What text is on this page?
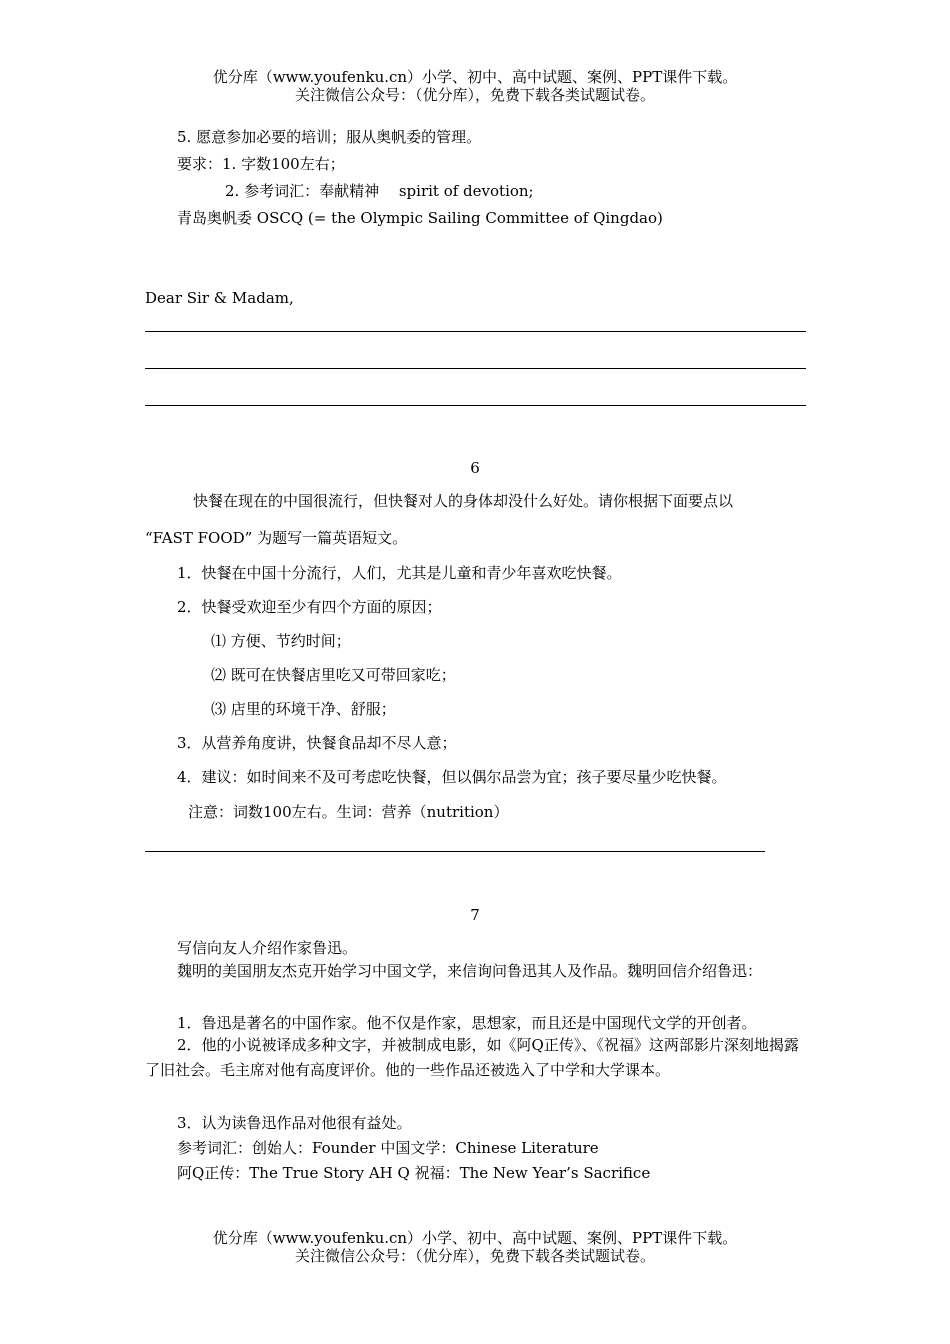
优分库（www.youfenku.cn）小学、初中、高中试题、案例、PPT课件下载。
关注微信公众号：（优分库），免费下载各类试题试卷。
5. 愿意参加必要的培训；服从奥帆委的管理。
要求：1. 字数100左右；
2. 参考词汇：奉献精神　 spirit of devotion;
青岛奥帆委 OSCQ (= the Olympic Sailing Committee of Qingdao)
Dear Sir & Madam,
6
快餐在现在的中国很流行，但快餐对人的身体却没什么好处。请你根据下面要点以
“FAST FOOD” 为题写一篇英语短文。
1．快餐在中国十分流行，人们，尤其是儿童和青少年喜欢吃快餐。
2．快餐受欢迎至少有四个方面的原因；
⑴ 方便、节约时间；
⑵ 既可在快餐店里吃又可带回家吃；
⑶ 店里的环境干净、舒服；
3．从营养角度讲，快餐食品却不尽人意；
4．建议：如时间来不及可考虑吃快餐，但以偶尔品尝为宜；孩子要尽量少吃快餐。
注意：词数100左右。生词：营养（nutrition）
7
写信向友人介绍作家鲁迅。
魏明的美国朋友杰克开始学习中国文学，来信询问鲁迅其人及作品。魏明回信介绍鲁迅：
1．鲁迅是著名的中国作家。他不仅是作家，思想家，而且还是中国现代文学的开创者。
2．他的小说被译成多种文字，并被制成电影，如《阿Q正传》、《祝福》这两部影片深刻地揭露了旧社会。毛主席对他有高度评价。他的一些作品还被选入了中学和大学课本。
3．认为读鲁迅作品对他很有益处。
参考词汇：创始人：Founder 中国文学：Chinese Literature
阿Q正传：The True Story AH Q 祝福：The New Year’s Sacrifice
优分库（www.youfenku.cn）小学、初中、高中试题、案例、PPT课件下载。
关注微信公众号：（优分库），免费下载各类试题试卷。
